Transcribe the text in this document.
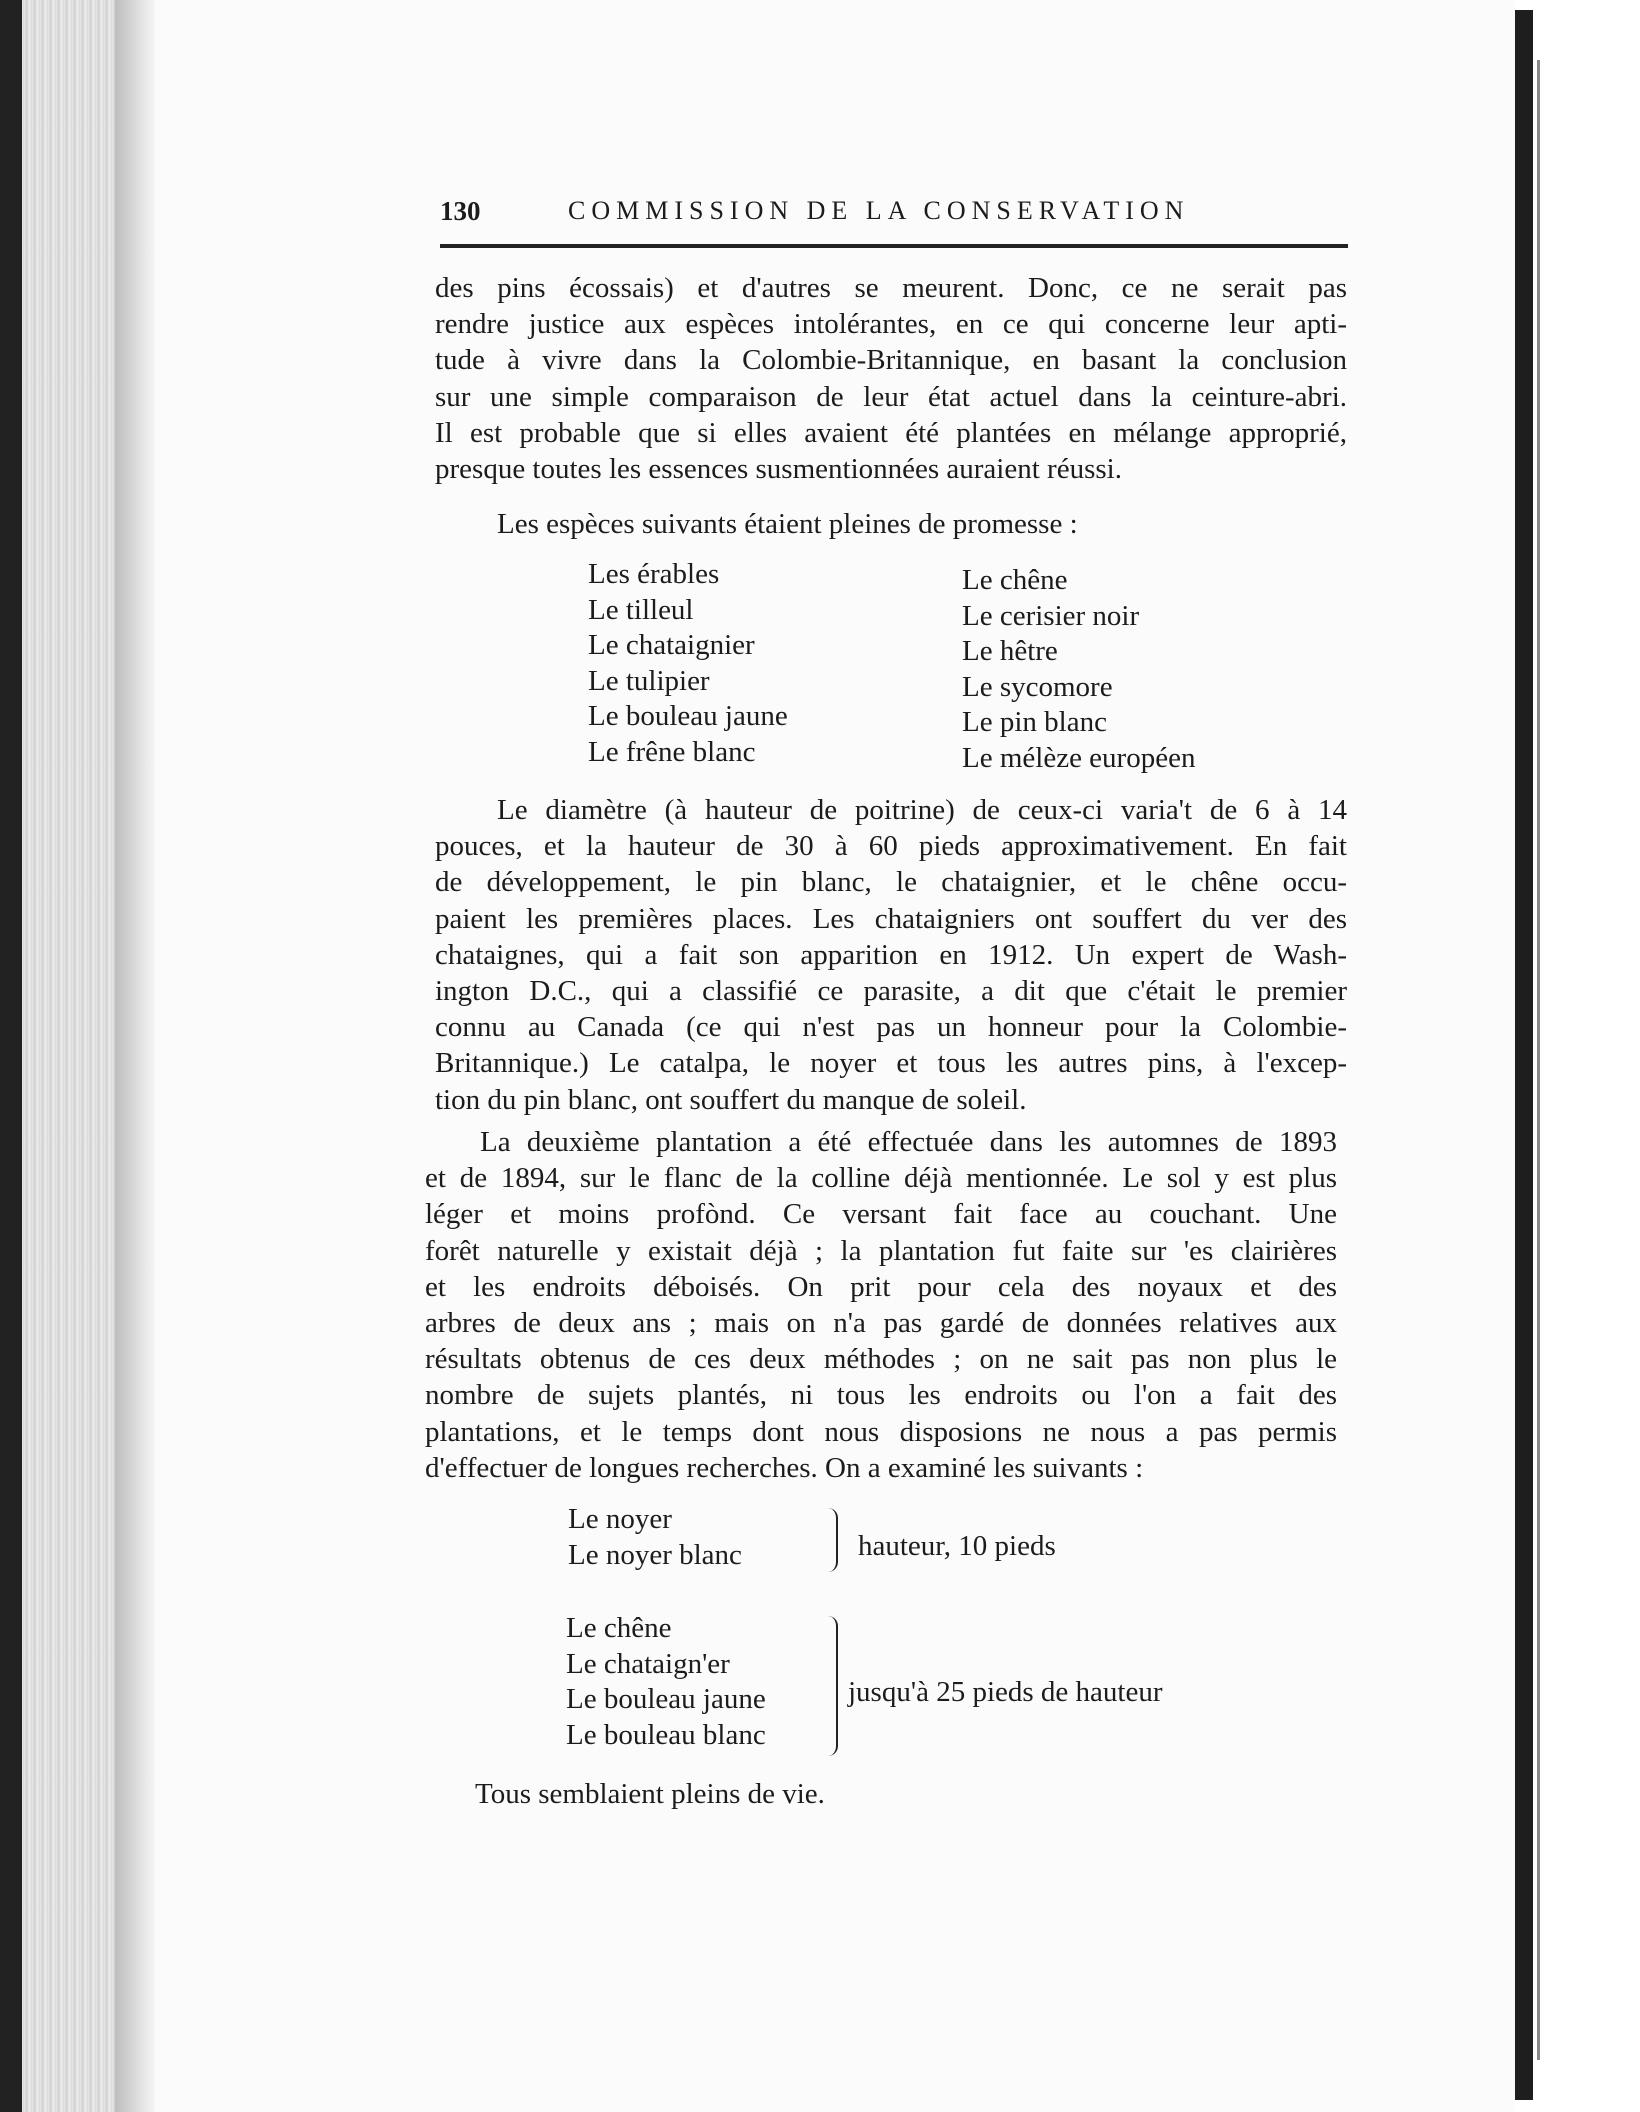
130	COMMISSION DE LA CONSERVATION
des pins écossais) et d'autres se meurent. Donc, ce ne serait pas
rendre justice aux espèces intolérantes, en ce qui concerne leur apti-
tude à vivre dans la Colombie-Britannique, en basant la conclusion
sur une simple comparaison de leur état actuel dans la ceinture-abri.
Il est probable que si elles avaient été plantées en mélange approprié,
presque toutes les essences susmentionnées auraient réussi.
Les espèces suivants étaient pleines de promesse :
Les érables
Le tilleul
Le chataignier
Le tulipier
Le bouleau jaune
Le frêne blanc
Le chêne
Le cerisier noir
Le hêtre
Le sycomore
Le pin blanc
Le mélèze européen
Le diamètre (à hauteur de poitrine) de ceux-ci varia't de 6 à 14
pouces, et la hauteur de 30 à 60 pieds approximativement. En fait
de développement, le pin blanc, le chataignier, et le chêne occu-
paient les premières places. Les chataigniers ont souffert du ver des
chataignes, qui a fait son apparition en 1912. Un expert de Wash-
ington D.C., qui a classifié ce parasite, a dit que c'était le premier
connu au Canada (ce qui n'est pas un honneur pour la Colombie-
Britannique.) Le catalpa, le noyer et tous les autres pins, à l'excep-
tion du pin blanc, ont souffert du manque de soleil.
La deuxième plantation a été effectuée dans les automnes de 1893
et de 1894, sur le flanc de la colline déjà mentionnée. Le sol y est plus
léger et moins profònd. Ce versant fait face au couchant. Une
forêt naturelle y existait déjà ; la plantation fut faite sur 'es clairières
et les endroits déboisés. On prit pour cela des noyaux et des
arbres de deux ans ; mais on n'a pas gardé de données relatives aux
résultats obtenus de ces deux méthodes ; on ne sait pas non plus le
nombre de sujets plantés, ni tous les endroits ou l'on a fait des
plantations, et le temps dont nous disposions ne nous a pas permis
d'effectuer de longues recherches. On a examiné les suivants :
Le noyer
Le noyer blanc	hauteur, 10 pieds
Le chêne
Le chataign'er
Le bouleau jaune
Le bouleau blanc
jusqu'à 25 pieds de hauteur
Tous semblaient pleins de vie.
